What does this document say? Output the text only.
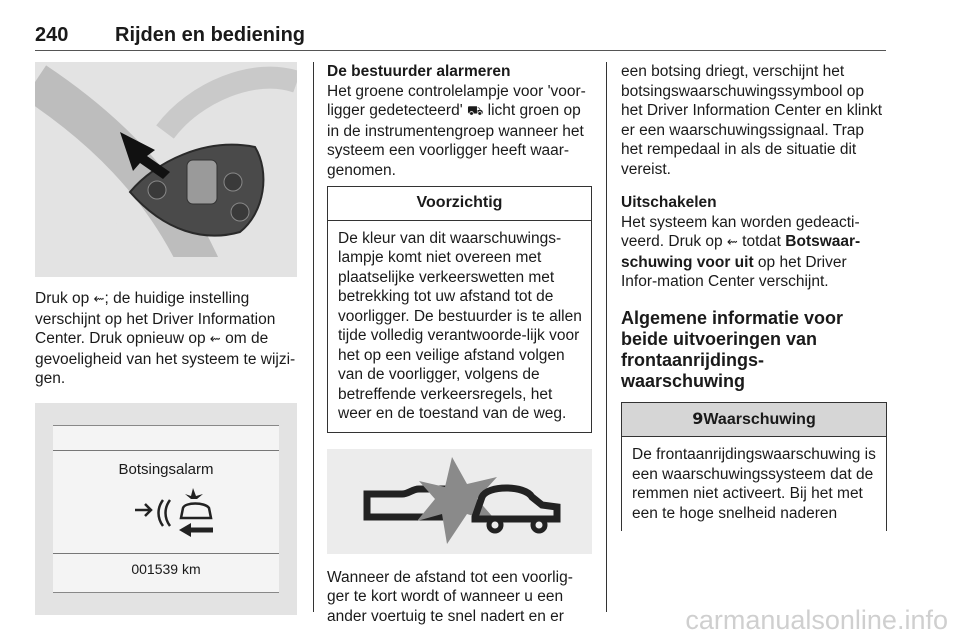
240 Rijden en bediening

Druk op ⇜; de huidige instelling verschijnt op het Driver Information Center. Druk opnieuw op ⇜ om de gevoeligheid van het systeem te wijzi-gen.

Botsingsalarm
001539 km

De bestuurder alarmeren

Het groene controlelampje voor 'voor-ligger gedetecteerd' ⛟ licht groen op in de instrumentengroep wanneer het systeem een voorligger heeft waar-genomen.

Voorzichtig
De kleur van dit waarschuwings-lampje komt niet overeen met plaatselijke verkeerswetten met betrekking tot uw afstand tot de voorligger. De bestuurder is te allen tijde volledig verantwoorde-lijk voor het op een veilige afstand volgen van de voorligger, volgens de betreffende verkeersregels, het weer en de toestand van de weg.

Wanneer de afstand tot een voorlig-ger te kort wordt of wanneer u een ander voertuig te snel nadert en er

een botsing driegt, verschijnt het botsingswaarschuwingssymbool op het Driver Information Center en klinkt er een waarschuwingssignaal. Trap het rempedaal in als de situatie dit vereist.

Uitschakelen

Het systeem kan worden gedeacti-veerd. Druk op ⇜ totdat Botswaar-schuwing voor uit op het Driver Infor-mation Center verschijnt.

Algemene informatie voor beide uitvoeringen van frontaanrijdings-waarschuwing

9Waarschuwing
De frontaanrijdingswaarschuwing is een waarschuwingssysteem dat de remmen niet activeert. Bij het met een te hoge snelheid naderen
carmanualsonline.info
